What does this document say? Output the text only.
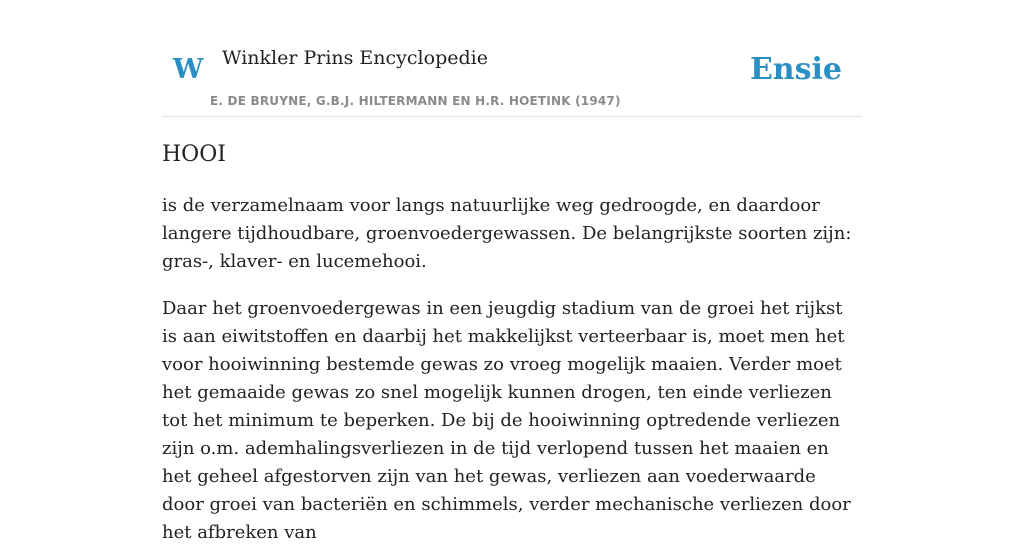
W Winkler Prins Encyclopedie
E. DE BRUYNE, G.B.J. HILTERMANN EN H.R. HOETINK (1947)
Ensie
HOOI

is de verzamelnaam voor langs natuurlijke weg gedroogde, en daardoor langere tijdhoudbare, groenvoedergewassen. De belangrijkste soorten zijn: gras-, klaver- en lucemehooi.

Daar het groenvoedergewas in een jeugdig stadium van de groei het rijkst is aan eiwitstoffen en daarbij het makkelijkst verteerbaar is, moet men het voor hooiwinning bestemde gewas zo vroeg mogelijk maaien. Verder moet het gemaaide gewas zo snel mogelijk kunnen drogen, ten einde verliezen tot het minimum te beperken. De bij de hooiwinning optredende verliezen zijn o.m. ademhalingsverliezen in de tijd verlopend tussen het maaien en het geheel afgestorven zijn van het gewas, verliezen aan voederwaarde door groei van bacteriën en schimmels, verder mechanische verliezen door het afbreken van
